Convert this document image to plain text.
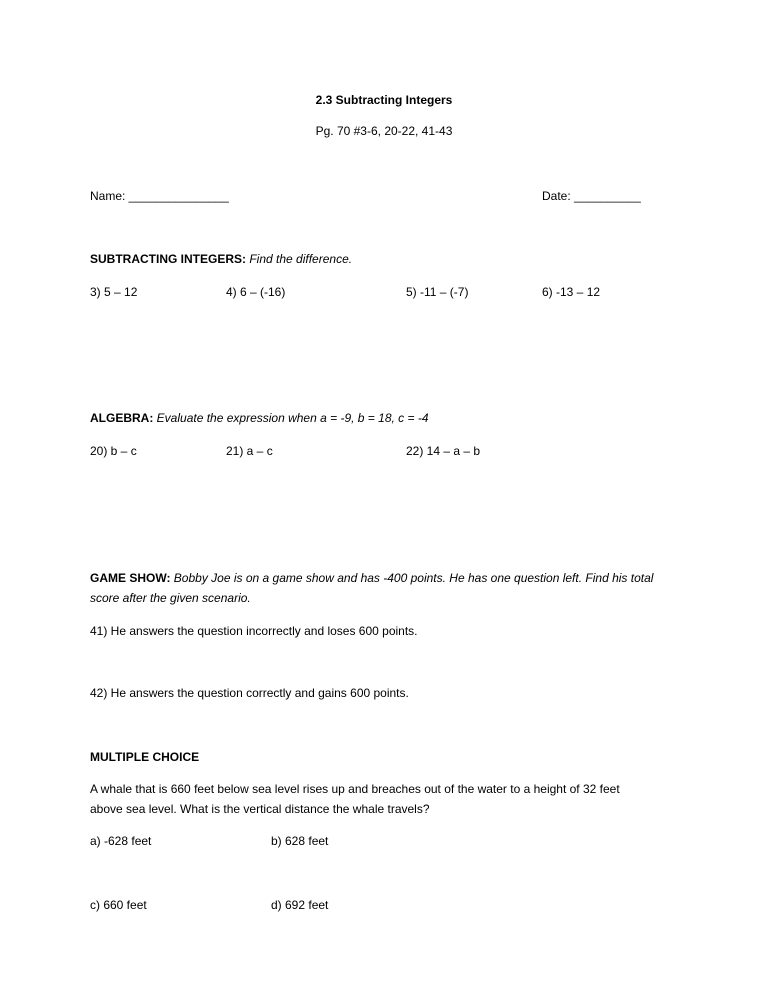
2.3 Subtracting Integers
Pg. 70 #3-6, 20-22, 41-43
Name: _______________	Date: __________
SUBTRACTING INTEGERS: Find the difference.
3) 5 – 12	4) 6 – (-16)	5) -11 – (-7)	6) -13 – 12
ALGEBRA: Evaluate the expression when a = -9, b = 18, c = -4
20) b – c	21) a – c	22) 14 – a – b
GAME SHOW: Bobby Joe is on a game show and has -400 points. He has one question left. Find his total
score after the given scenario.
41) He answers the question incorrectly and loses 600 points.
42) He answers the question correctly and gains 600 points.
MULTIPLE CHOICE
A whale that is 660 feet below sea level rises up and breaches out of the water to a height of 32 feet
above sea level. What is the vertical distance the whale travels?
a) -628 feet	b) 628 feet
c) 660 feet	d) 692 feet
